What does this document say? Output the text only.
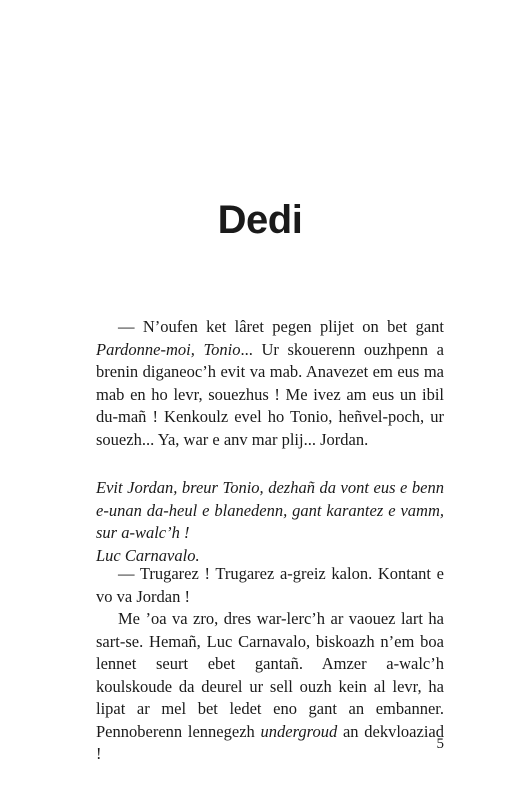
Dedi

— N’oufen ket lâret pegen plijet on bet gant Pardonne-moi, Tonio... Ur skouerenn ouzhpenn a brenin diganeoc’h evit va mab. Anavezet em eus ma mab en ho levr, souezhus ! Me ivez am eus un ibil du-mañ ! Kenkoulz evel ho Tonio, heñvel-poch, ur souezh... Ya, war e anv mar plij... Jordan.

Evit Jordan, breur Tonio, dezhañ da vont eus e benn e-unan da-heul e blanedenn, gant karantez e vamm, sur a-walc’h !

Luc Carnavalo.

— Trugarez ! Trugarez a-greiz kalon. Kontant e vo va Jordan !

Me ’oa va zro, dres war-lerc’h ar vaouez lart ha sart-se. Hemañ, Luc Carnavalo, biskoazh n’em boa lennet seurt ebet gantañ. Amzer a-walc’h koulskoude da deurel ur sell ouzh kein al levr, ha lipat ar mel bet ledet eno gant an embanner. Pennoberenn lennegezh undergroud an dekvloaziad !	5
